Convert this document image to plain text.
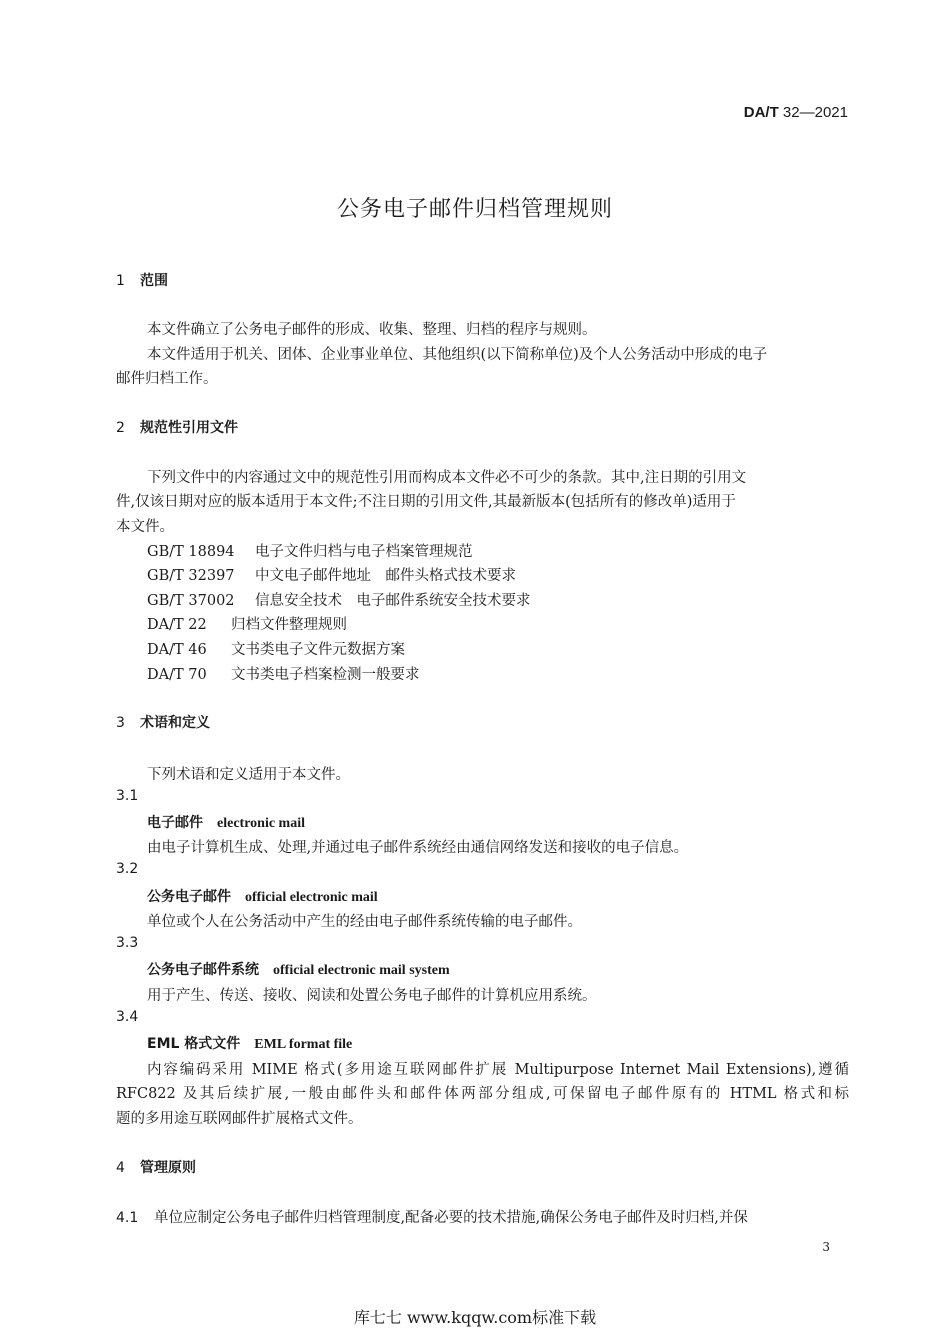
DA/T 32—2021
公务电子邮件归档管理规则
1 范围
本文件确立了公务电子邮件的形成、收集、整理、归档的程序与规则。
本文件适用于机关、团体、企业事业单位、其他组织(以下简称单位)及个人公务活动中形成的电子
邮件归档工作。
2 规范性引用文件
下列文件中的内容通过文中的规范性引用而构成本文件必不可少的条款。其中,注日期的引用文
件,仅该日期对应的版本适用于本文件;不注日期的引用文件,其最新版本(包括所有的修改单)适用于
本文件。
GB/T 18894 电子文件归档与电子档案管理规范
GB/T 32397 中文电子邮件地址　邮件头格式技术要求
GB/T 37002 信息安全技术　电子邮件系统安全技术要求
DA/T 22 归档文件整理规则
DA/T 46 文书类电子文件元数据方案
DA/T 70 文书类电子档案检测一般要求
3 术语和定义
下列术语和定义适用于本文件。
3.1
电子邮件 electronic mail
由电子计算机生成、处理,并通过电子邮件系统经由通信网络发送和接收的电子信息。
3.2
公务电子邮件 official electronic mail
单位或个人在公务活动中产生的经由电子邮件系统传输的电子邮件。
3.3
公务电子邮件系统 official electronic mail system
用于产生、传送、接收、阅读和处置公务电子邮件的计算机应用系统。
3.4
EML 格式文件 EML format file
内容编码采用 MIME 格式(多用途互联网邮件扩展 Multipurpose Internet Mail Extensions),遵循
RFC822 及其后续扩展,一般由邮件头和邮件体两部分组成,可保留电子邮件原有的 HTML 格式和标
题的多用途互联网邮件扩展格式文件。
4 管理原则
4.1 单位应制定公务电子邮件归档管理制度,配备必要的技术措施,确保公务电子邮件及时归档,并保
3
库七七 www.kqqw.com标准下载
